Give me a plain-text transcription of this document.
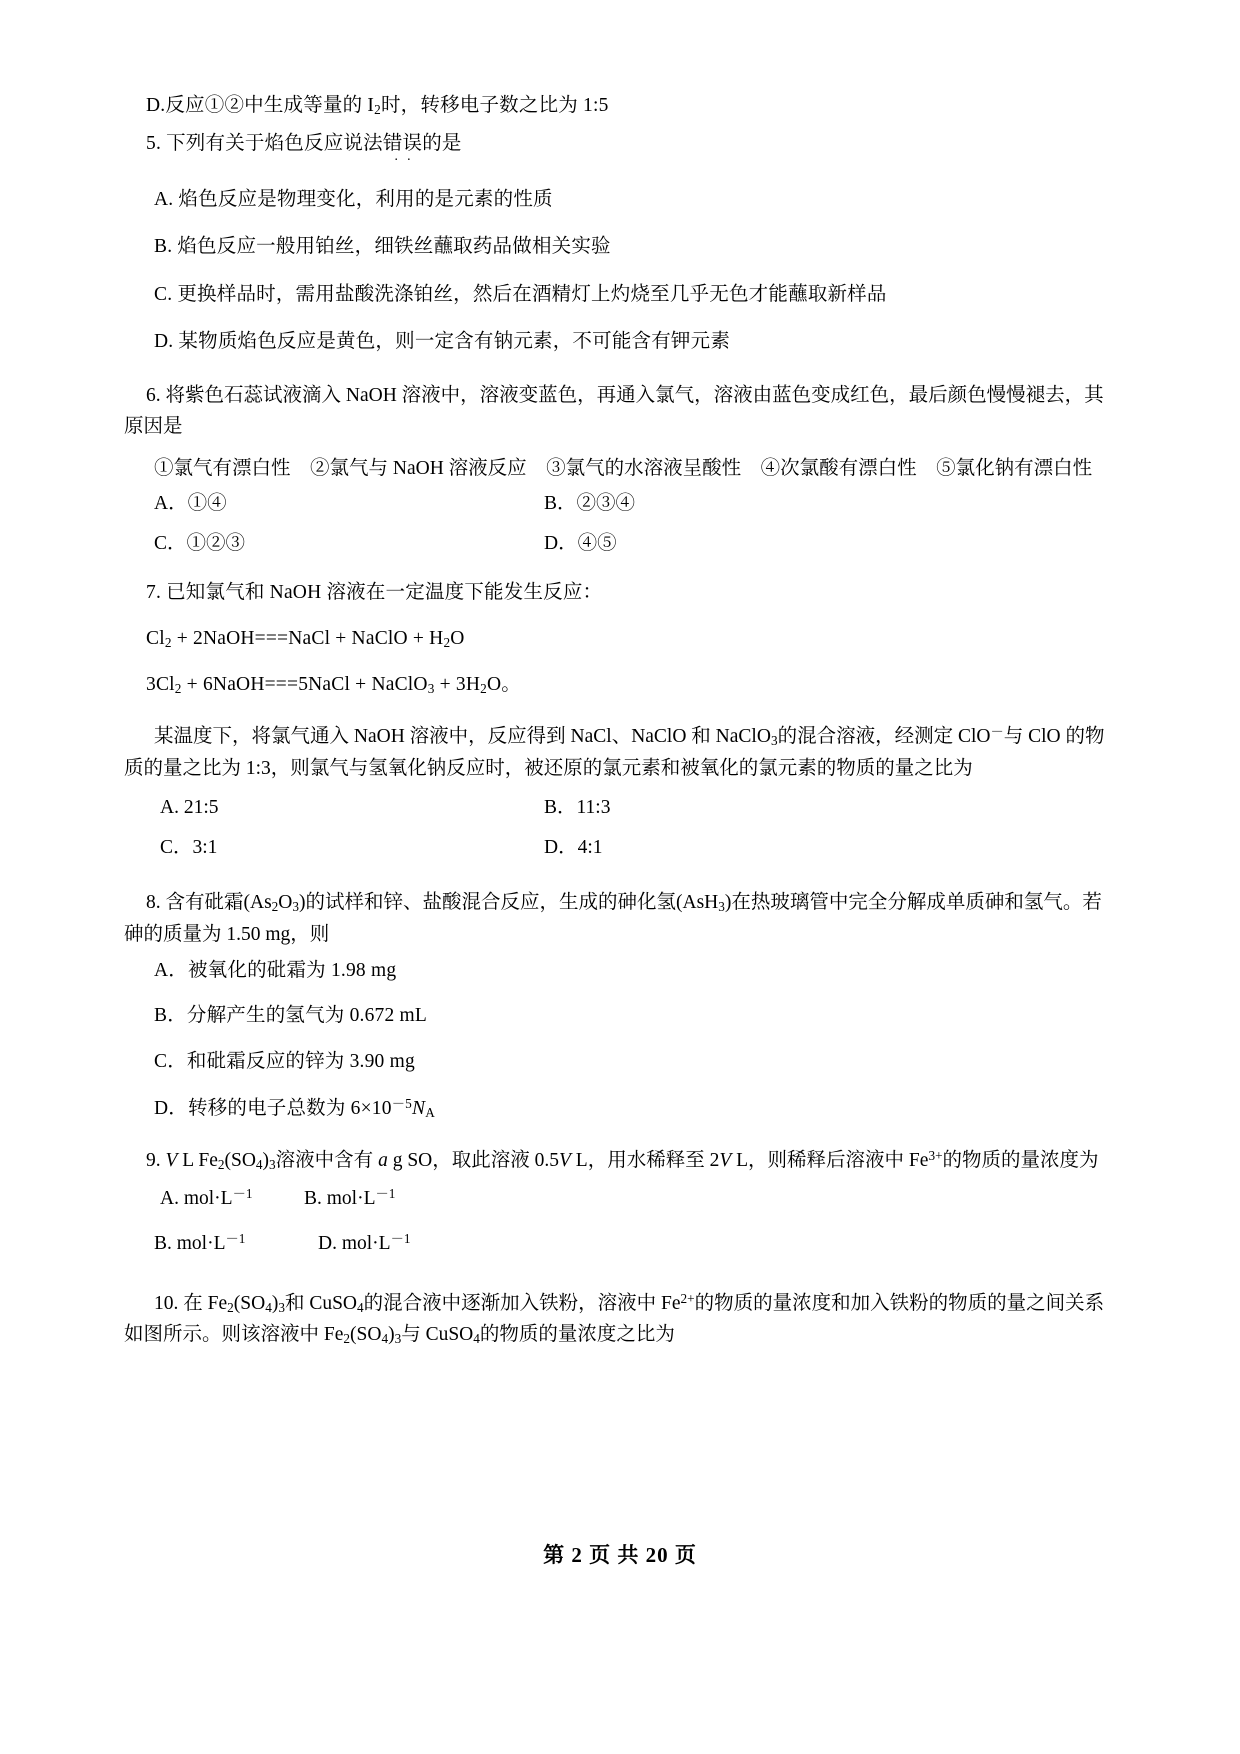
D.反应①②中生成等量的 $I_2$时，转移电子数之比为 1:5
5. 下列有关于焰色反应说法错误
··
的是
A. 焰色反应是物理变化，利用的是元素的性质
B. 焰色反应一般用铂丝，细铁丝蘸取药品做相关实验
C. 更换样品时，需用盐酸洗涤铂丝，然后在酒精灯上灼烧至几乎无色才能蘸取新样品
D. 某物质焰色反应是黄色，则一定含有钠元素，不可能含有钾元素
6. 将紫色石蕊试液滴入 NaOH 溶液中，溶液变蓝色，再通入氯气，溶液由蓝色变成红色，最后颜色慢慢褪去，其原因是
①氯气有漂白性　②氯气与 NaOH 溶液反应　③氯气的水溶液呈酸性　④次氯酸有漂白性　⑤氯化钠有漂白性
A．①④	B．②③④
C．①②③	D．④⑤
7. 已知氯气和 NaOH 溶液在一定温度下能发生反应：
$Cl_2$ + 2NaOH===NaCl + NaClO + $H_2O$
$3Cl_2$ + 6NaOH===5NaCl + NaClO$_3$ + $3H_2O$。
某温度下，将氯气通入 NaOH 溶液中，反应得到 NaCl、NaClO 和 NaClO$_3$的混合溶液，经测定 ClO－与 ClO 的物质的量之比为 1:3，则氯气与氢氧化钠反应时，被还原的氯元素和被氧化的氯元素的物质的量之比为
A. 21:5	B．11:3
C．3:1	D．4:1
8. 含有砒霜$(As_2O_3)$的试样和锌、盐酸混合反应，生成的砷化氢(AsH$_3$)在热玻璃管中完全分解成单质砷和氢气。若砷的质量为 1.50 mg，则
A．被氧化的砒霜为 1.98 mg
B．分解产生的氢气为 0.672 mL
C．和砒霜反应的锌为 3.90 mg
D．转移的电子总数为 $6\times 10^{-5}N_A$
9. V L $Fe_2(SO_4)_3$溶液中含有 a g SO，取此溶液 0.5V L，用水稀释至 2V L，则稀释后溶液中 $Fe^{3+}$的物质的量浓度为
A. $mol\cdot L^{-1}$	B. $mol\cdot L^{-1}$
B. $mol\cdot L^{-1}$	D. $mol\cdot L^{-1}$
10. 在 $Fe_2(SO_4)_3$和 CuSO$_4$的混合液中逐渐加入铁粉，溶液中 $Fe^{2+}$的物质的量浓度和加入铁粉的物质的量之间关系如图所示。则该溶液中 $Fe_2(SO_4)_3$与 CuSO$_4$的物质的量浓度之比为
第 2 页 共 20 页
